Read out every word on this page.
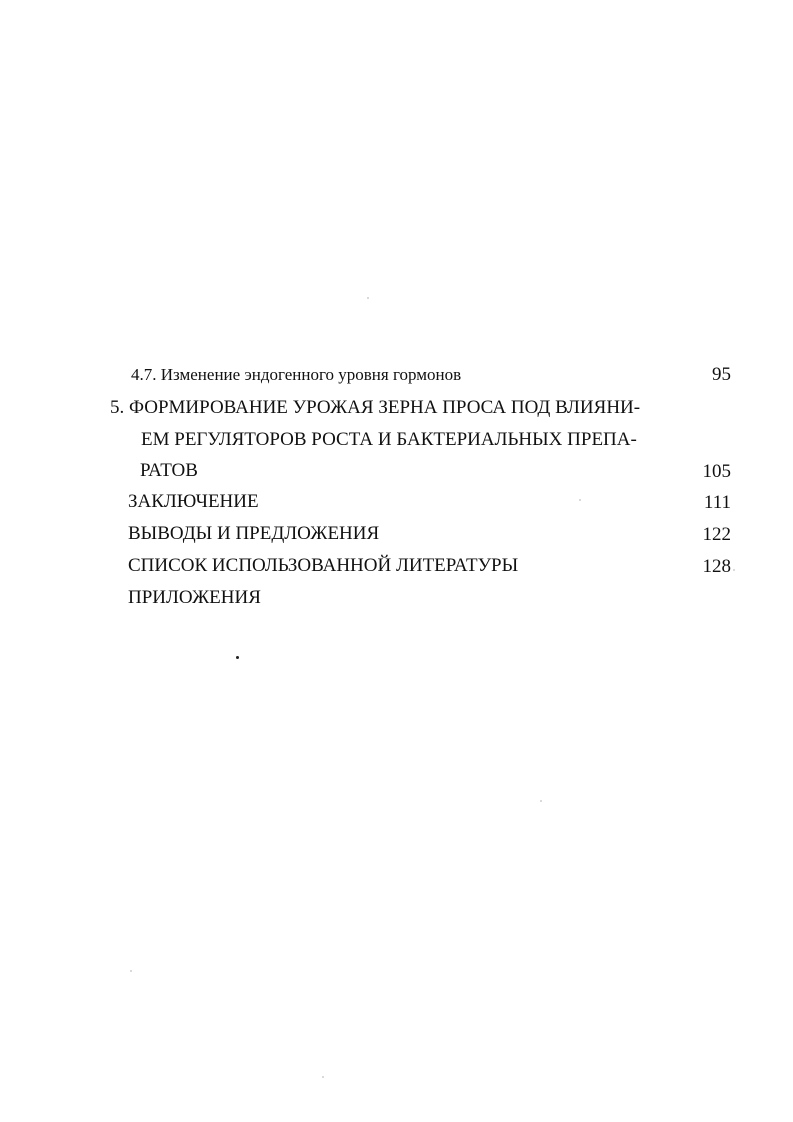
4.7. Изменение эндогенного уровня гормонов	95
5. ФОРМИРОВАНИЕ УРОЖАЯ ЗЕРНА ПРОСА ПОД ВЛИЯНИ-
ЕМ РЕГУЛЯТОРОВ РОСТА И БАКТЕРИАЛЬНЫХ ПРЕПА-
РАТОВ	105
ЗАКЛЮЧЕНИЕ	111
ВЫВОДЫ И ПРЕДЛОЖЕНИЯ	122
СПИСОК ИСПОЛЬЗОВАННОЙ ЛИТЕРАТУРЫ	128
ПРИЛОЖЕНИЯ
